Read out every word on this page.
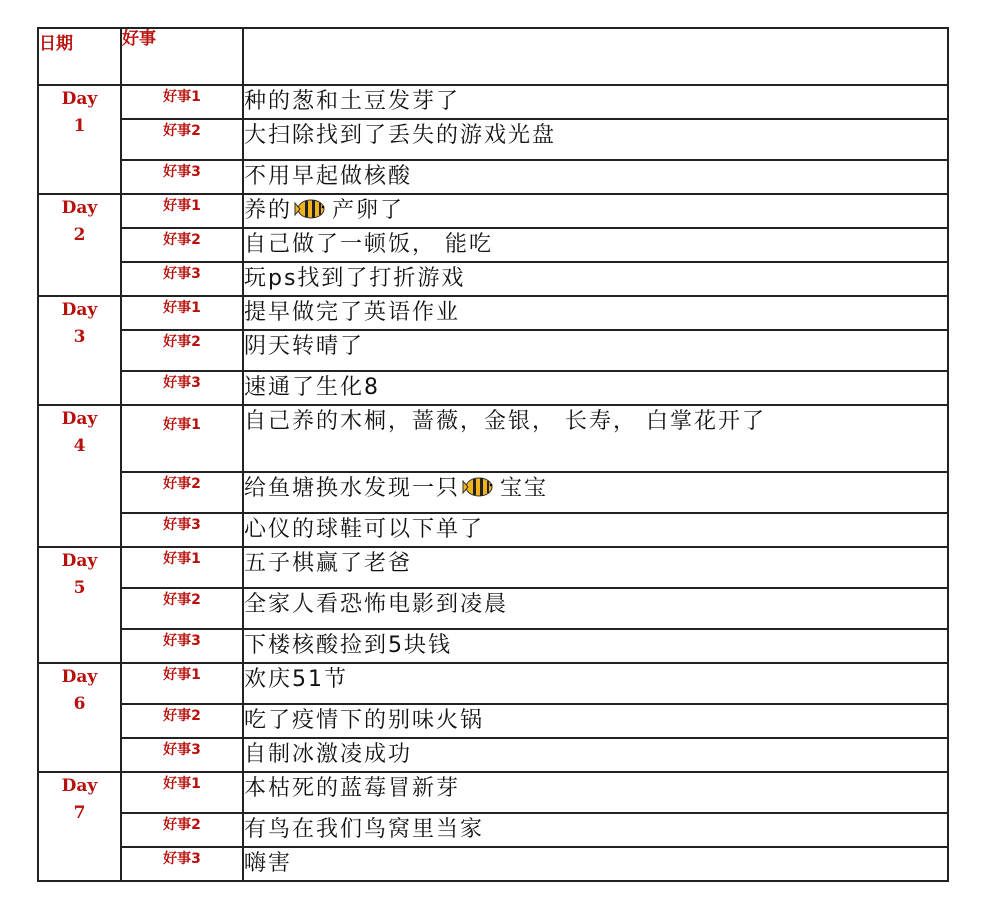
日期	好事	
Day1	好事1	种的葱和土豆发芽了
	好事2	大扫除找到了丢失的游戏光盘
	好事3	不用早起做核酸
Day2	好事1	养的 产卵了
	好事2	自己做了一顿饭， 能吃
	好事3	玩ps找到了打折游戏
Day3	好事1	提早做完了英语作业
	好事2	阴天转晴了
	好事3	速通了生化8
Day4	好事1	自己养的木桐，蔷薇，金银， 长寿， 白掌花开了
	好事2	给鱼塘换水发现一只 宝宝
	好事3	心仪的球鞋可以下单了
Day5	好事1	五子棋赢了老爸
	好事2	全家人看恐怖电影到凌晨
	好事3	下楼核酸捡到5块钱
Day6	好事1	欢庆51节
	好事2	吃了疫情下的别味火锅
	好事3	自制冰激凌成功
Day7	好事1	本枯死的蓝莓冒新芽
	好事2	有鸟在我们鸟窝里当家
	好事3	嗨害
